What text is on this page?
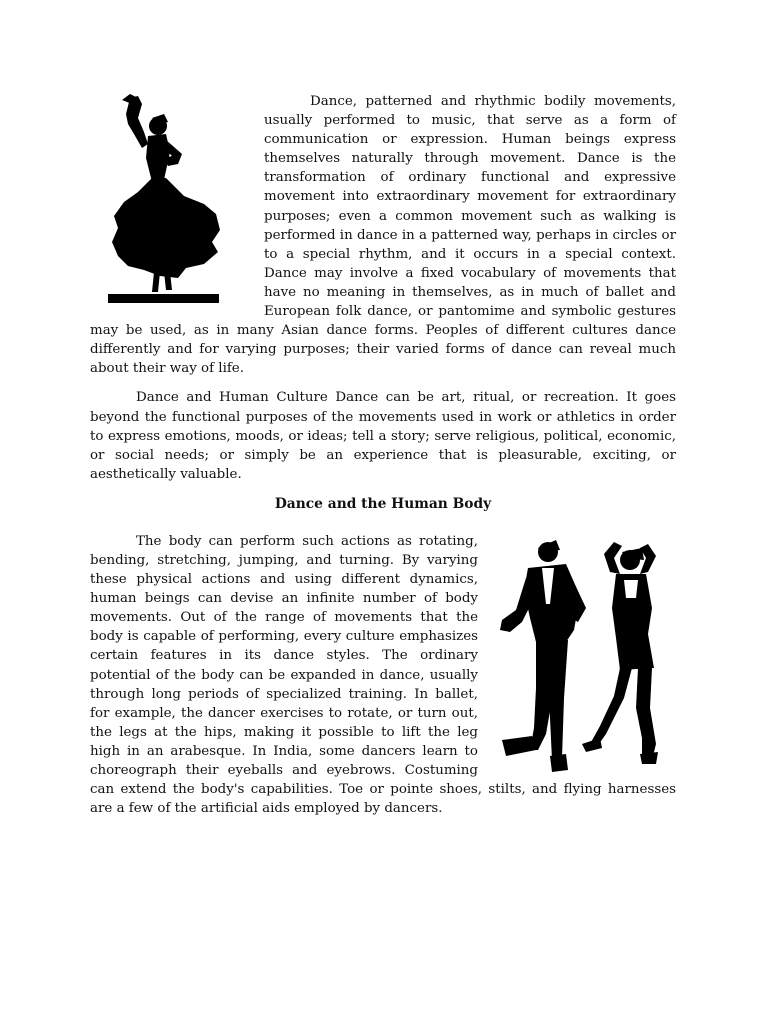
Dance, patterned and rhythmic bodily movements, usually performed to music, that serve as a form of communication or expression. Human beings express themselves naturally through movement. Dance is the transformation of ordinary functional and expressive movement into extraordinary movement for extraordinary purposes; even a common movement such as walking is performed in dance in a patterned way, perhaps in circles or to a special rhythm, and it occurs in a special context. Dance may involve a fixed vocabulary of movements that have no meaning in themselves, as in much of ballet and European folk dance, or pantomime and symbolic gestures may be used, as in many Asian dance forms. Peoples of different cultures dance differently and for varying purposes; their varied forms of dance can reveal much about their way of life.

Dance and Human Culture Dance can be art, ritual, or recreation. It goes beyond the functional purposes of the movements used in work or athletics in order to express emotions, moods, or ideas; tell a story; serve religious, political, economic, or social needs; or simply be an experience that is pleasurable, exciting, or aesthetically valuable.

Dance and the Human Body

The body can perform such actions as rotating, bending, stretching, jumping, and turning. By varying these physical actions and using different dynamics, human beings can devise an infinite number of body movements. Out of the range of movements that the body is capable of performing, every culture emphasizes certain features in its dance styles. The ordinary potential of the body can be expanded in dance, usually through long periods of specialized training. In ballet, for example, the dancer exercises to rotate, or turn out, the legs at the hips, making it possible to lift the leg high in an arabesque. In India, some dancers learn to choreograph their eyeballs and eyebrows. Costuming can extend the body's capabilities. Toe or pointe shoes, stilts, and flying harnesses are a few of the artificial aids employed by dancers.
